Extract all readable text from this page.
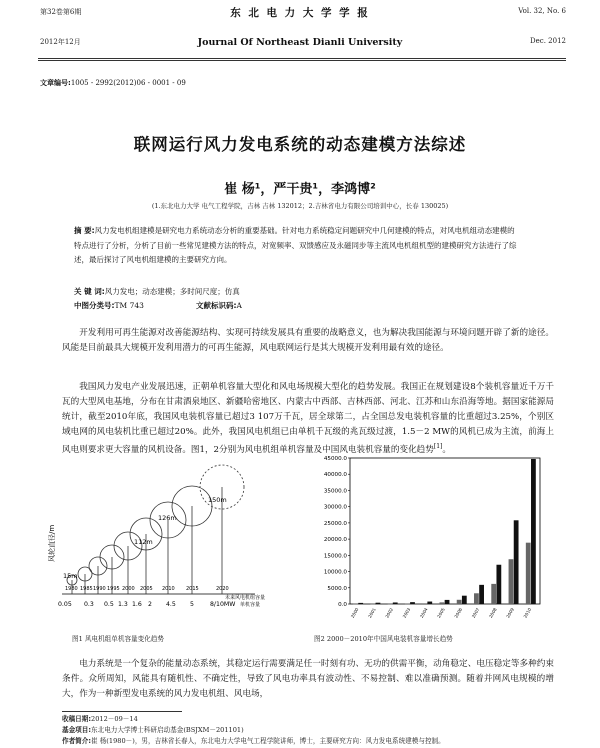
第32卷第6期
2012年12月
东 北 电 力 大 学 学 报
Journal Of Northeast Dianli University
Vol. 32, No. 6
Dec. 2012
文章编号:1005 - 2992(2012)06 - 0001 - 09
联网运行风力发电系统的动态建模方法综述
崔 杨¹，严干贵¹，李鸿博²
(1.东北电力大学 电气工程学院，吉林 吉林 132012；2.吉林省电力有限公司培训中心，长春 130025)
摘 要:风力发电机组建模是研究电力系统动态分析的重要基础。针对电力系统稳定问题研究中几何建模的特点，对风电机组动态建模的特点进行了分析，分析了目前一些常见建模方法的特点，对宽频率、双馈感应及永磁同步等主流风电机组机型的建模研究方法进行了综述，最后探讨了风电机组建模的主要研究方向。
关 键 词:风力发电；动态建模；多时间尺度；仿真
中图分类号:TM 743	文献标识码:A
开发利用可再生能源对改善能源结构、实现可持续发展具有重要的战略意义，也为解决我国能源与环境问题开辟了新的途径。风能是目前最具大规模开发利用潜力的可再生能源，风电联网运行是其大规模开发利用最有效的途径。
我国风力发电产业发展迅速，正朝单机容量大型化和风电场规模大型化的趋势发展。我国正在规划建设8个装机容量近千万千瓦的大型风电基地，分布在甘肃酒泉地区、新疆哈密地区、内蒙古中西部、吉林西部、河北、江苏和山东沿海等地。据国家能源局统计，截至2010年底，我国风电装机容量已超过3 107万千瓦，居全球第二，占全国总发电装机容量的比重超过3.25%，个别区域电网的风电装机比重已超过20%。此外，我国风电机组已由单机千瓦级的兆瓦级过渡，1.5－2 MW的风机已成为主流，前海上风电则要求更大容量的风机设备。图1，2分别为风电机组单机容量及中国风电装机容量的变化趋势[1]。
风轮直径/m
15m
112m
126m
150m
1980 1985 1990 1995 2000 2005 2010 2015	2020
未来风电机组容量
单机容量
0.05 0.3 0.5 1.3 1.6 2 4.5 5	8/10MW
图1 风电机组单机容量变化趋势
0.0
5000.0
10000.0
15000.0
20000.0
25000.0
30000.0
35000.0
40000.0
45000.0
2000 2001 2002 2003 2004 2005 2006 2007 2008 2009 2010
图2 2000－2010年中国风电装机容量增长趋势
电力系统是一个复杂的能量动态系统，其稳定运行需要满足任一时刻有功、无功的供需平衡，动角稳定、电压稳定等多种约束条件。众所周知，风能具有随机性、不确定性，导致了风电功率具有波动性、不易控制、难以准确预测。随着并网风电规模的增大，作为一种新型发电系统的风力发电机组、风电场，
收稿日期:2012－09－14
基金项目:东北电力大学博士科研启动基金(BSJXM－201101)
作者简介:崔 杨(1980－)，男，吉林省长春人，东北电力大学电气工程学院讲师，博士，主要研究方向：风力发电系统建模与控制。
